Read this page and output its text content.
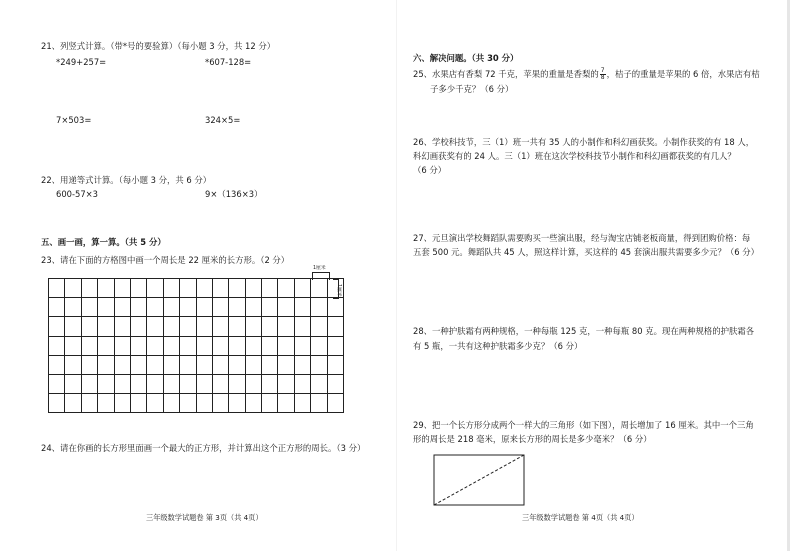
21、列竖式计算。（带*号的要验算）（每小题 3 分，共 12 分）
*249+257=	*607-128=
7×503=	324×5=
22、用递等式计算。（每小题 3 分，共 6 分）
600-57×3	9×（136×3）
五、画一画，算一算。（共 5 分）
23、请在下面的方格图中画一个周长是 22 厘米的长方形。（2 分）
1厘米
1厘米

24、请在你画的长方形里面画一个最大的正方形，并计算出这个正方形的周长。（3 分）
三年级数学试题卷 第 3页（共 4页）
六、解决问题。（共 30 分）
25、水果店有香梨 72 千克，苹果的重量是香梨的 $\frac{7}{8}$ ，桔子的重量是苹果的 6 倍，水果店有桔
子多少千克？（6 分）
26、学校科技节，三（1）班一共有 35 人的小制作和科幻画获奖。小制作获奖的有 18 人，
科幻画获奖有的 24 人。三（1）班在这次学校科技节小制作和科幻画都获奖的有几人？
（6 分）
27、元旦演出学校舞蹈队需要购买一些演出服，经与淘宝店铺老板商量，得到团购价格：每
五套 500 元。舞蹈队共 45 人，照这样计算，买这样的 45 套演出服共需要多少元？（6 分）
28、一种护肤霜有两种规格，一种每瓶 125 克，一种每瓶 80 克。现在两种规格的护肤霜各
有 5 瓶，一共有这种护肤霜多少克？（6 分）
29、把一个长方形分成两个一样大的三角形（如下图），周长增加了 16 厘米。其中一个三角
形的周长是 218 毫米，原来长方形的周长是多少毫米？（6 分）
三年级数学试题卷 第 4页（共 4页）
